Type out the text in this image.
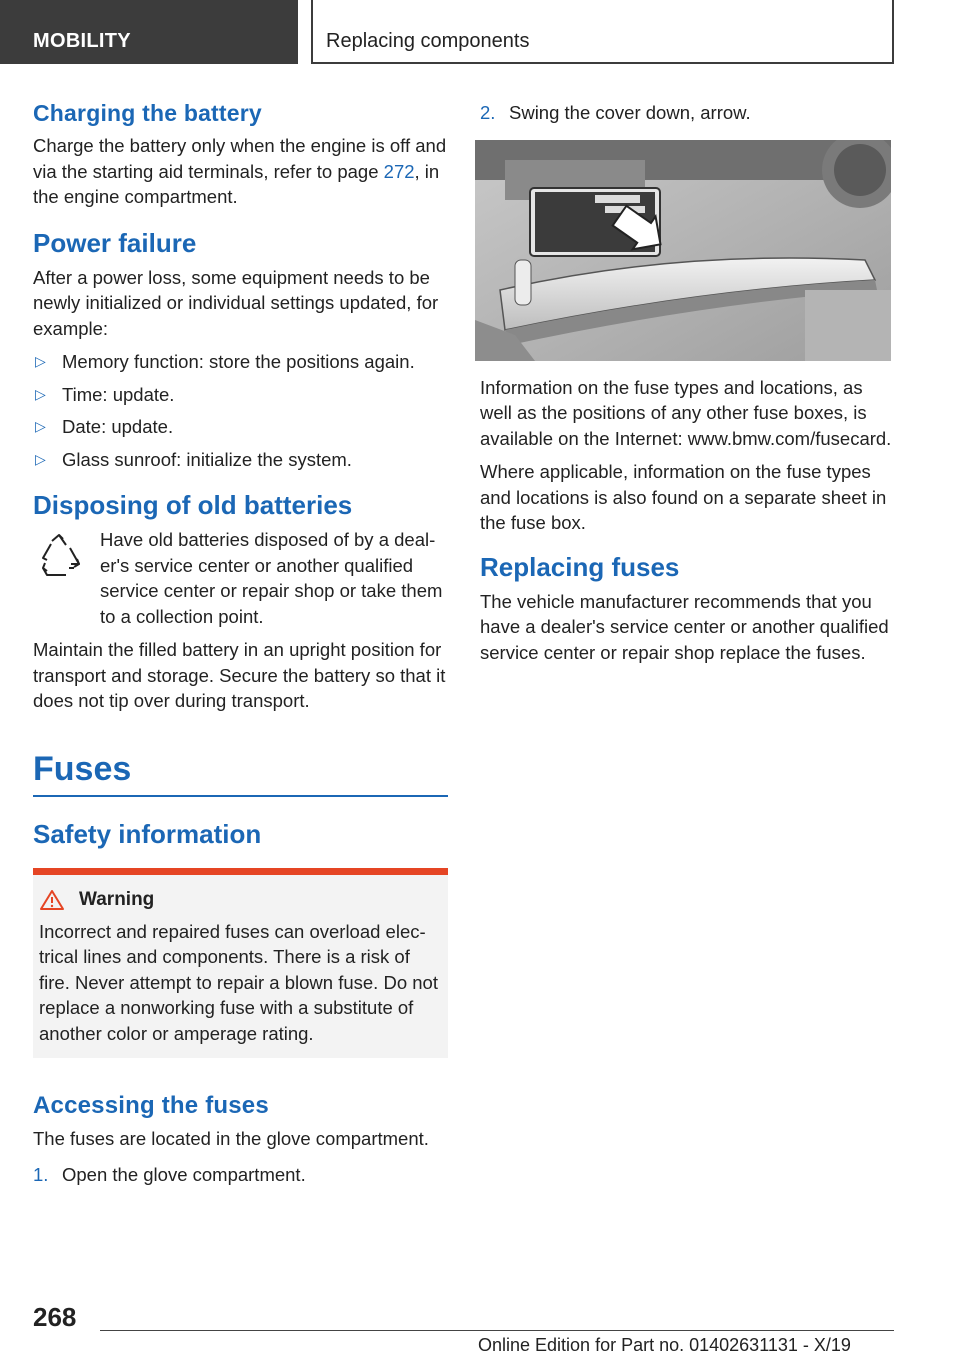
MOBILITY	Replacing components
Charging the battery

Charge the battery only when the engine is off and via the starting aid terminals, refer to page 272, in the engine compartment.

Power failure

After a power loss, some equipment needs to be newly initialized or individual settings updated, for example:

▷ Memory function: store the positions again.
▷ Time: update.
▷ Date: update.
▷ Glass sunroof: initialize the system.
Disposing of old batteries

Have old batteries disposed of by a dealer's service center or another qualified service center or repair shop or take them to a collection point.

Maintain the filled battery in an upright position for transport and storage. Secure the battery so that it does not tip over during transport.

Fuses
Safety information
Warning

Incorrect and repaired fuses can overload electrical lines and components. There is a risk of fire. Never attempt to repair a blown fuse. Do not replace a nonworking fuse with a substitute of another color or amperage rating.

Accessing the fuses

The fuses are located in the glove compartment.

1. Open the glove compartment.
2. Swing the cover down, arrow.

Information on the fuse types and locations, as well as the positions of any other fuse boxes, is available on the Internet: www.bmw.com/fusecard.

Where applicable, information on the fuse types and locations is also found on a separate sheet in the fuse box.

Replacing fuses

The vehicle manufacturer recommends that you have a dealer's service center or another qualified service center or repair shop replace the fuses.

268
Online Edition for Part no. 01402631131 - X/19
